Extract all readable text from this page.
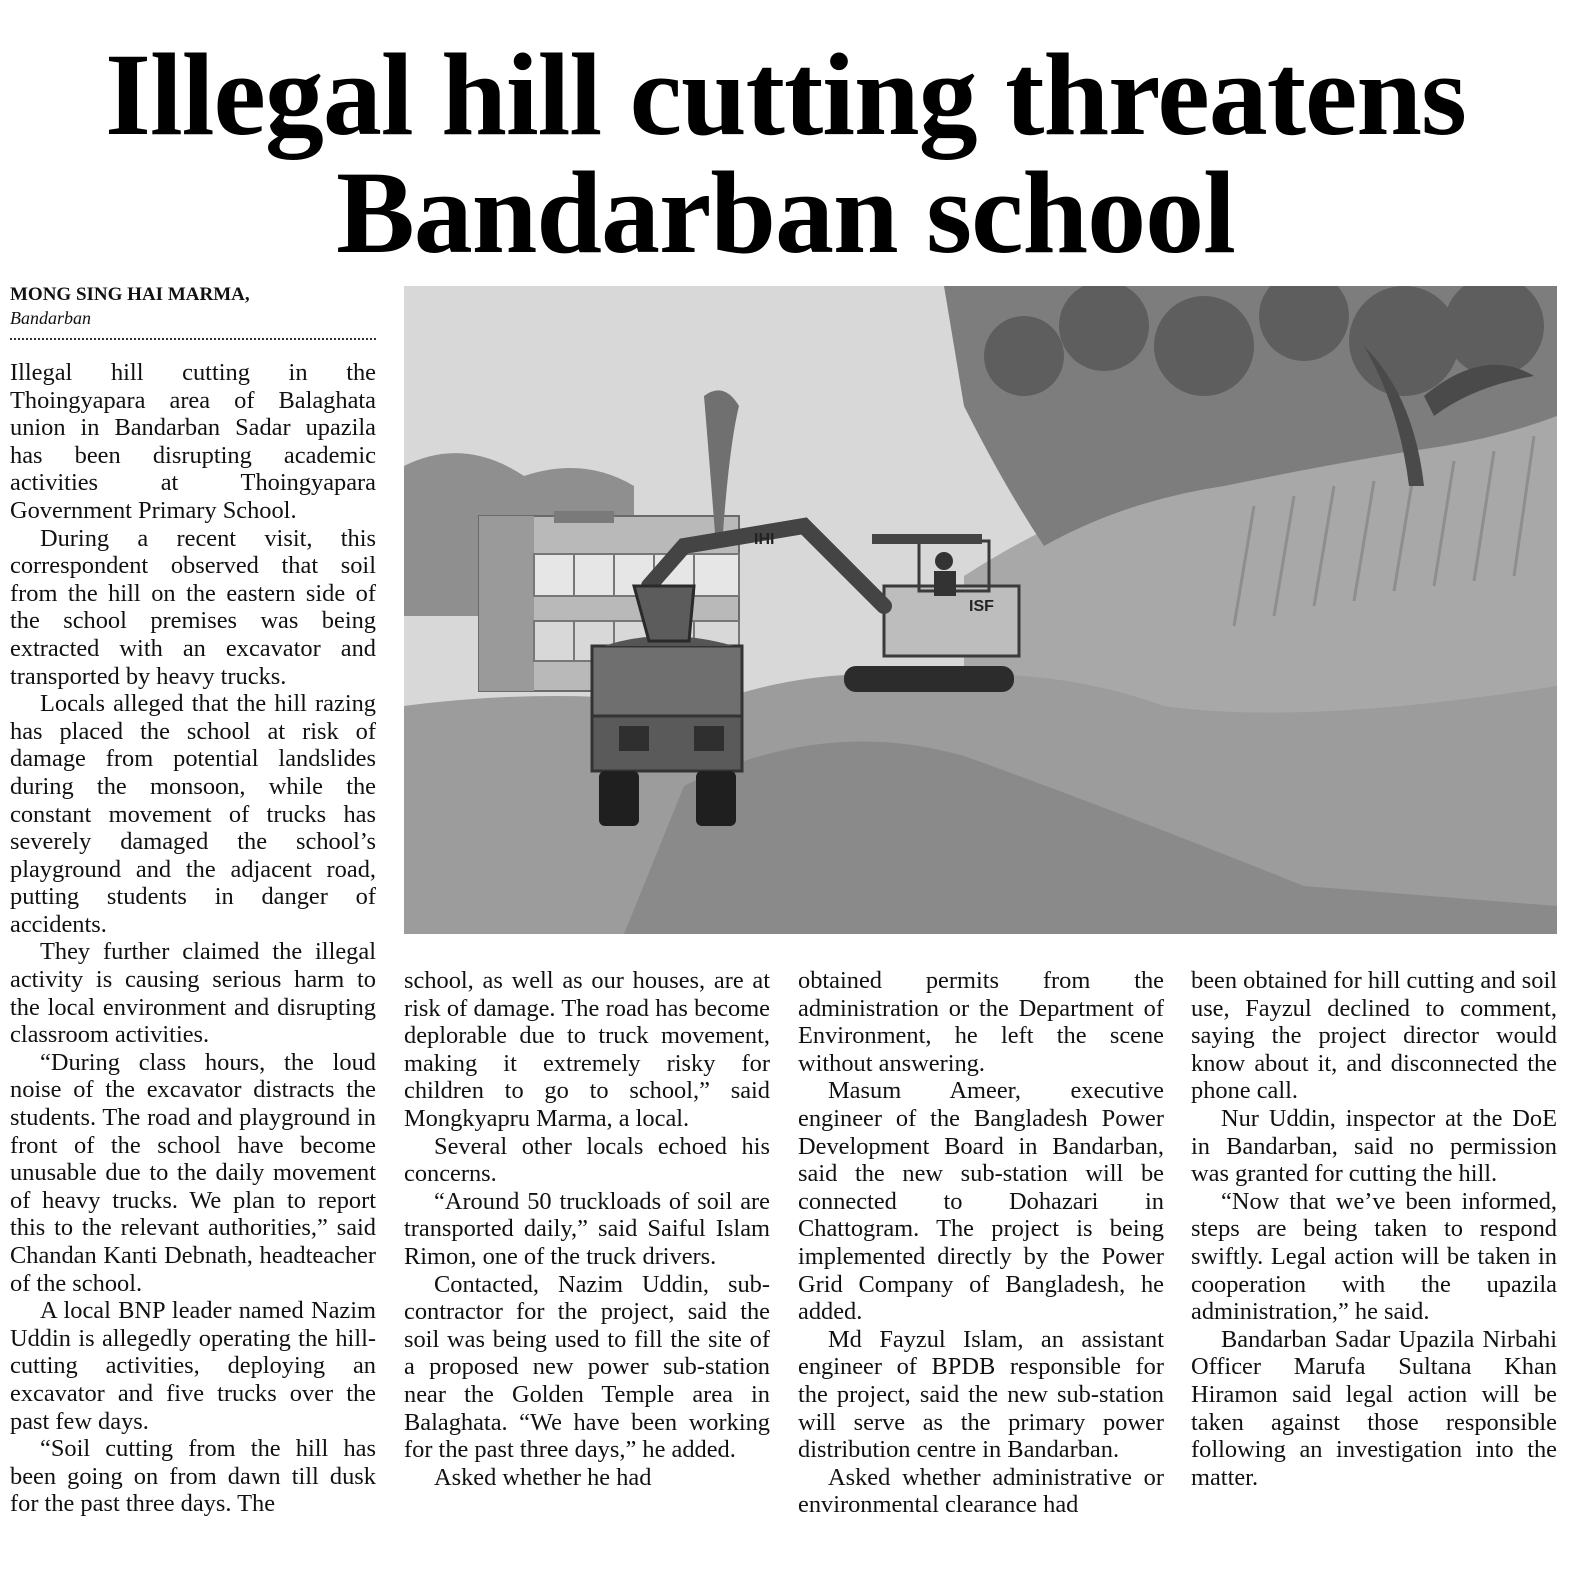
Illegal hill cutting threatens
Bandarban school
MONG SING HAI MARMA,
Bandarban
IHI
ISF

Illegal hill cutting in the Thoingyapara area of Balaghata union in Bandarban Sadar upazila has been disrupting academic activities at Thoingyapara Government Primary School.

During a recent visit, this correspondent observed that soil from the hill on the eastern side of the school premises was being extracted with an excavator and transported by heavy trucks.

Locals alleged that the hill razing has placed the school at risk of damage from potential landslides during the monsoon, while the constant movement of trucks has severely damaged the school’s playground and the adjacent road, putting students in danger of accidents.

They further claimed the illegal activity is causing serious harm to the local environment and disrupting classroom activities.

“During class hours, the loud noise of the excavator distracts the students. The road and playground in front of the school have become unusable due to the daily movement of heavy trucks. We plan to report this to the relevant authorities,” said Chandan Kanti Debnath, headteacher of the school.

A local BNP leader named Nazim Uddin is allegedly operating the hill-cutting activities, deploying an excavator and five trucks over the past few days.

“Soil cutting from the hill has been going on from dawn till dusk for the past three days. The

school, as well as our houses, are at risk of damage. The road has become deplorable due to truck movement, making it extremely risky for children to go to school,” said Mongkyapru Marma, a local.

Several other locals echoed his concerns.

“Around 50 truckloads of soil are transported daily,” said Saiful Islam Rimon, one of the truck drivers.

Contacted, Nazim Uddin, sub-contractor for the project, said the soil was being used to fill the site of a proposed new power sub-station near the Golden Temple area in Balaghata. “We have been working for the past three days,” he added.

Asked whether he had

obtained permits from the administration or the Department of Environment, he left the scene without answering.

Masum Ameer, executive engineer of the Bangladesh Power Development Board in Bandarban, said the new sub-station will be connected to Dohazari in Chattogram. The project is being implemented directly by the Power Grid Company of Bangladesh, he added.

Md Fayzul Islam, an assistant engineer of BPDB responsible for the project, said the new sub-station will serve as the primary power distribution centre in Bandarban.

Asked whether administrative or environmental clearance had

been obtained for hill cutting and soil use, Fayzul declined to comment, saying the project director would know about it, and disconnected the phone call.

Nur Uddin, inspector at the DoE in Bandarban, said no permission was granted for cutting the hill.

“Now that we’ve been informed, steps are being taken to respond swiftly. Legal action will be taken in cooperation with the upazila administration,” he said.

Bandarban Sadar Upazila Nirbahi Officer Marufa Sultana Khan Hiramon said legal action will be taken against those responsible following an investigation into the matter.
